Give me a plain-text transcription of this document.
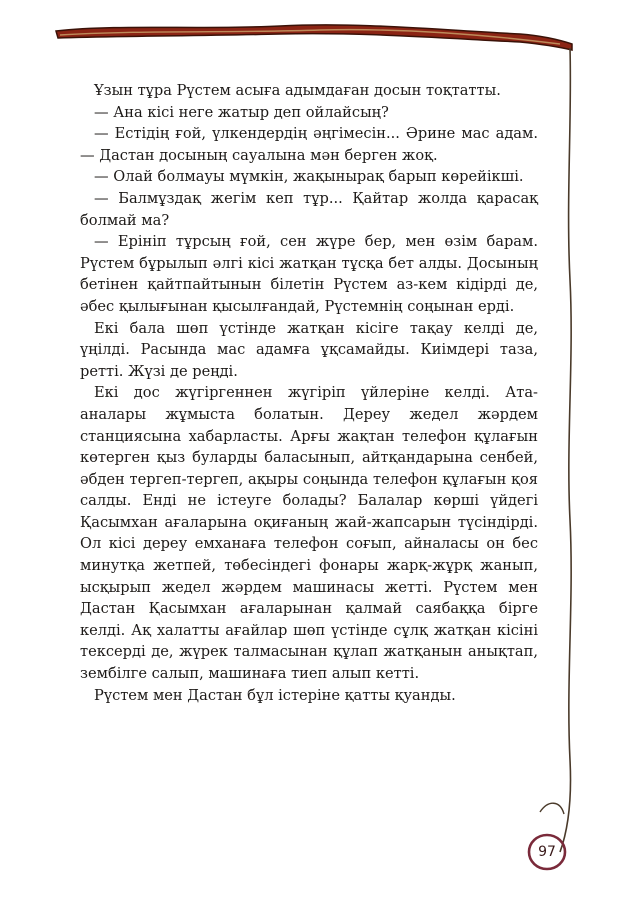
Ұзын тұра Рүстем асыға адымдаған досын тоқтатты.

— Ана кісі неге жатыр деп ойлайсың?

— Естідің ғой, үлкендердің әңгімесін... Әрине мас адам. — Дастан досының сауалына мән берген жоқ.

— Олай болмауы мүмкін, жақынырақ барып көрейікші.

— Балмұздақ жегім кеп тұр... Қайтар жолда қарасақ болмай ма?

— Ерініп тұрсың ғой, сен жүре бер, мен өзім барам. Рүстем бұрылып әлгі кісі жатқан тұсқа бет алды. Досының бетінен қайтпайтынын білетін Рүстем аз-кем кідірді де, әбес қылығынан қысылғандай, Рүстемнің соңынан ерді.

Екі бала шөп үстінде жатқан кісіге тақау келді де, үңілді. Расында мас адамға ұқсамайды. Киімдері таза, ретті. Жүзі де реңді.

Екі дос жүгіргеннен жүгіріп үйлеріне келді. Ата-аналары жұмыста болатын. Дереу жедел жәрдем станциясына хабарласты. Арғы жақтан телефон құлағын көтерген қыз буларды баласынып, айтқандарына сенбей, әбден тергеп-тергеп, ақыры соңында телефон құлағын қоя салды. Енді не істеуге болады? Балалар көрші үйдегі Қасымхан ағаларына оқиғаның жай-жапсарын түсіндірді. Ол кісі дереу емханаға телефон соғып, айналасы он бес минутқа жетпей, төбесіндегі фонары жарқ-жұрқ жанып, ысқырып жедел жәрдем машинасы жетті. Рүстем мен Дастан Қасымхан ағаларынан қалмай саябаққа бірге келді. Ақ халатты ағайлар шөп үстінде сұлқ жатқан кісіні тексерді де, жүрек талмасынан құлап жатқанын анықтап, зембілге салып, машинаға тиеп алып кетті.

Рүстем мен Дастан бұл істеріне қатты қуанды.

97
